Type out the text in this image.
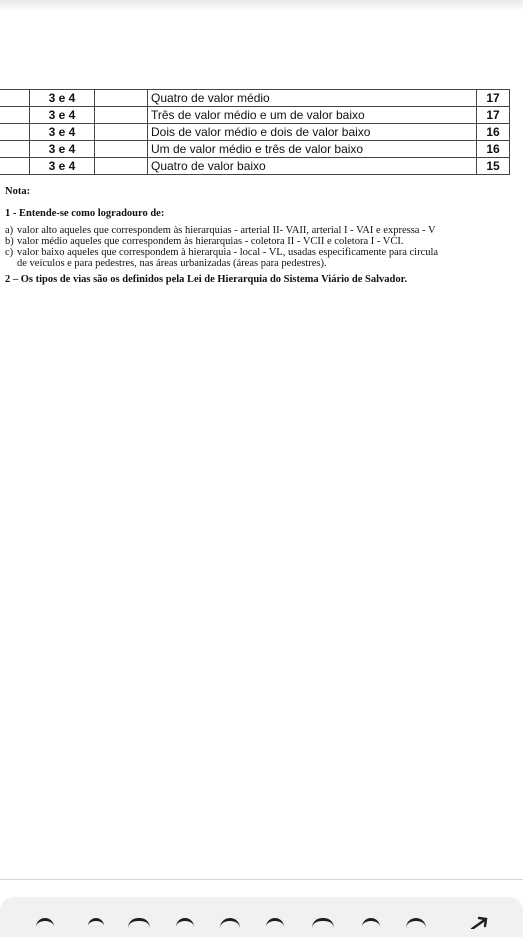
	3 e 4		Quatro de valor médio	17
	3 e 4		Três de valor médio e um de valor baixo	17
	3 e 4		Dois de valor médio e dois de valor baixo	16
	3 e 4		Um de valor médio e três de valor baixo	16
	3 e 4		Quatro de valor baixo	15
Nota:
1 - Entende-se como logradouro de:
a) valor alto aqueles que correspondem às hierarquias - arterial II- VAII, arterial I - VAI e expressa - V
b) valor médio aqueles que correspondem às hierarquias - coletora II - VCII e coletora I - VCI.
c) valor baixo aqueles que correspondem à hierarquia - local - VL, usadas especificamente para circula
de veículos e para pedestres, nas áreas urbanizadas (áreas para pedestres).
2 – Os tipos de vias são os definidos pela Lei de Hierarquia do Sistema Viário de Salvador.
